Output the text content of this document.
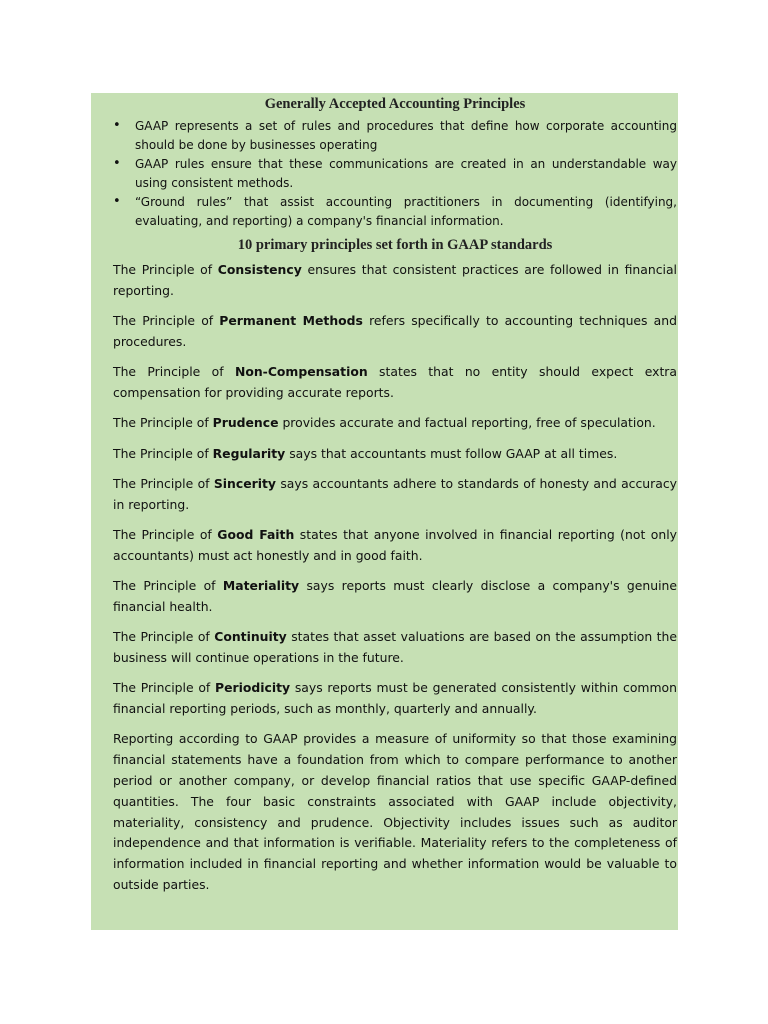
Generally Accepted Accounting Principles
• GAAP represents a set of rules and procedures that define how corporate accounting should be done by businesses operating
• GAAP rules ensure that these communications are created in an understandable way using consistent methods.
• “Ground rules” that assist accounting practitioners in documenting (identifying, evaluating, and reporting) a company's financial information.
10 primary principles set forth in GAAP standards

The Principle of Consistency ensures that consistent practices are followed in financial reporting.

The Principle of Permanent Methods refers specifically to accounting techniques and procedures.

The Principle of Non-Compensation states that no entity should expect extra compensation for providing accurate reports.

The Principle of Prudence provides accurate and factual reporting, free of speculation.

The Principle of Regularity says that accountants must follow GAAP at all times.

The Principle of Sincerity says accountants adhere to standards of honesty and accuracy in reporting.

The Principle of Good Faith states that anyone involved in financial reporting (not only accountants) must act honestly and in good faith.

The Principle of Materiality says reports must clearly disclose a company's genuine financial health.

The Principle of Continuity states that asset valuations are based on the assumption the business will continue operations in the future.

The Principle of Periodicity says reports must be generated consistently within common financial reporting periods, such as monthly, quarterly and annually.

Reporting according to GAAP provides a measure of uniformity so that those examining financial statements have a foundation from which to compare performance to another period or another company, or develop financial ratios that use specific GAAP-defined quantities. The four basic constraints associated with GAAP include objectivity, materiality, consistency and prudence. Objectivity includes issues such as auditor independence and that information is verifiable. Materiality refers to the completeness of information included in financial reporting and whether information would be valuable to outside parties.
